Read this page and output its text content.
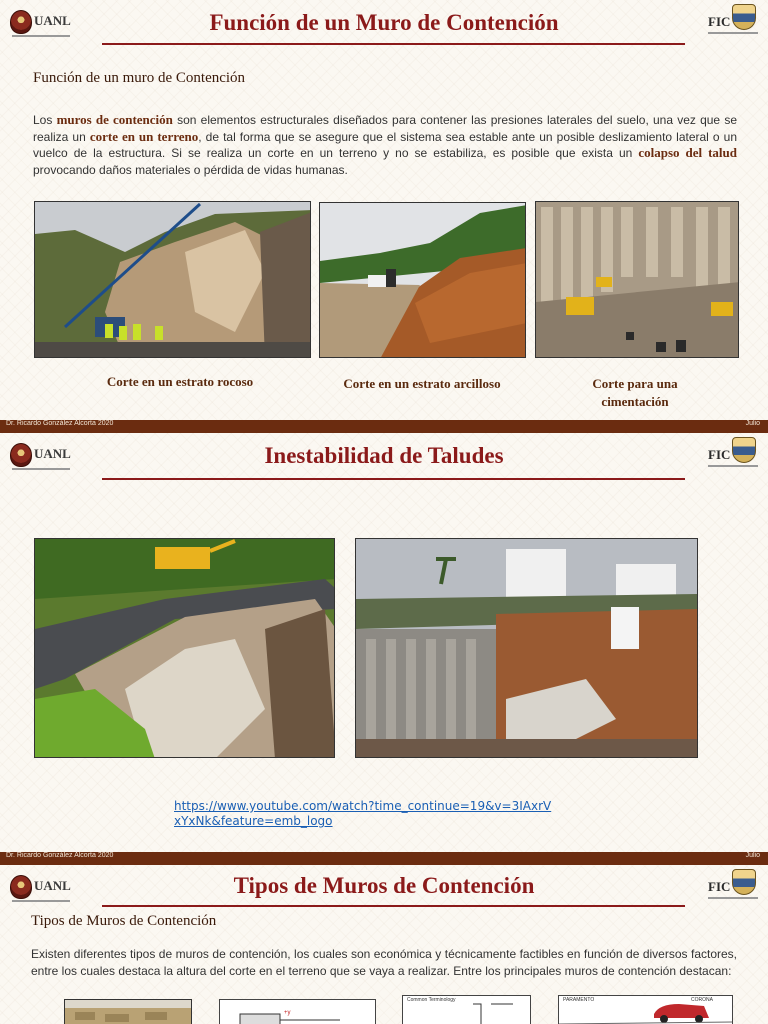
UANL	FIC
Función de un Muro de Contención
Función de un muro de Contención

Los muros de contención son elementos estructurales diseñados para contener las presiones laterales del suelo, una vez que se realiza un corte en un terreno, de tal forma que se asegure que el sistema sea estable ante un posible deslizamiento lateral o un vuelco de la estructura. Si se realiza un corte en un terreno y no se estabiliza, es posible que exista un colapso del talud provocando daños materiales o pérdida de vidas humanas.

Corte en un estrato rocoso	Corte en un estrato arcilloso	Corte para una cimentación
Dr. Ricardo González Alcorta 2020	Julio
UANL	FIC
Inestabilidad de Taludes
https://www.youtube.com/watch?time_continue=19&v=3IAxrVxYxNk&feature=emb_logo
Dr. Ricardo González Alcorta 2020	Julio
UANL	FIC
Tipos de Muros de Contención
Tipos de Muros de Contención

Existen diferentes tipos de muros de contención, los cuales son económica y técnicamente factibles en función de diversos factores, entre los cuales destaca la altura del corte en el terreno que se vaya a realizar. Entre los principales muros de contención destacan:

+y
Common Terminology	PARAMENTO	CORONA
